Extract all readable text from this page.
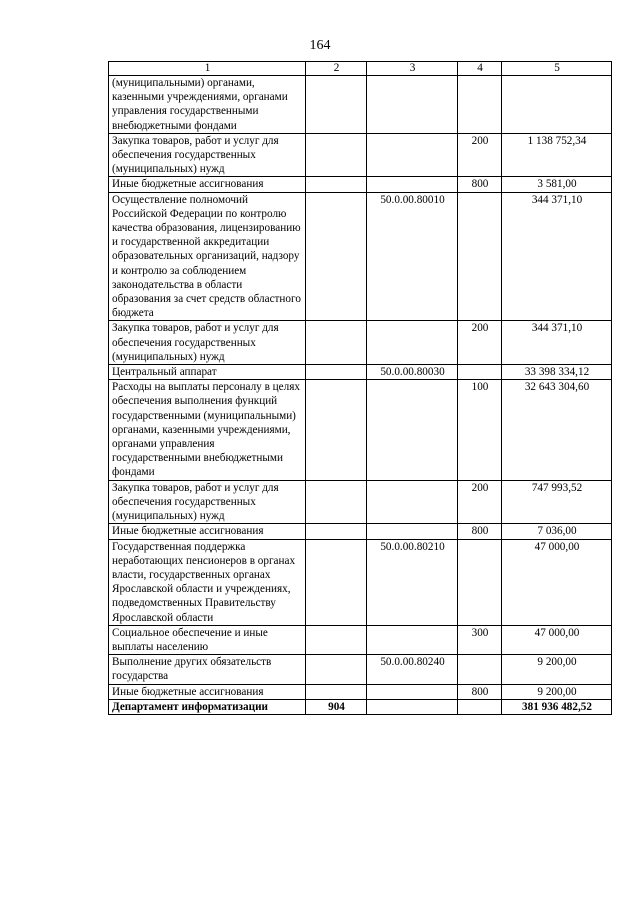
164
1	2	3	4	5
(муниципальными) органами, казенными учреждениями, органами управления государственными внебюджетными фондами				
Закупка товаров, работ и услуг для обеспечения государственных (муниципальных) нужд			200	1 138 752,34
Иные бюджетные ассигнования			800	3 581,00
Осуществление полномочий Российской Федерации по контролю качества образования, лицензированию и государственной аккредитации образовательных организаций, надзору и контролю за соблюдением законодательства в области образования за счет средств областного бюджета		50.0.00.80010		344 371,10
Закупка товаров, работ и услуг для обеспечения государственных (муниципальных) нужд			200	344 371,10
Центральный аппарат		50.0.00.80030		33 398 334,12
Расходы на выплаты персоналу в целях обеспечения выполнения функций государственными (муниципальными) органами, казенными учреждениями, органами управления государственными внебюджетными фондами			100	32 643 304,60
Закупка товаров, работ и услуг для обеспечения государственных (муниципальных) нужд			200	747 993,52
Иные бюджетные ассигнования			800	7 036,00
Государственная поддержка неработающих пенсионеров в органах власти, государственных органах Ярославской области и учреждениях, подведомственных Правительству Ярославской области		50.0.00.80210		47 000,00
Социальное обеспечение и иные выплаты населению			300	47 000,00
Выполнение других обязательств государства		50.0.00.80240		9 200,00
Иные бюджетные ассигнования			800	9 200,00
Департамент информатизации	904			381 936 482,52
